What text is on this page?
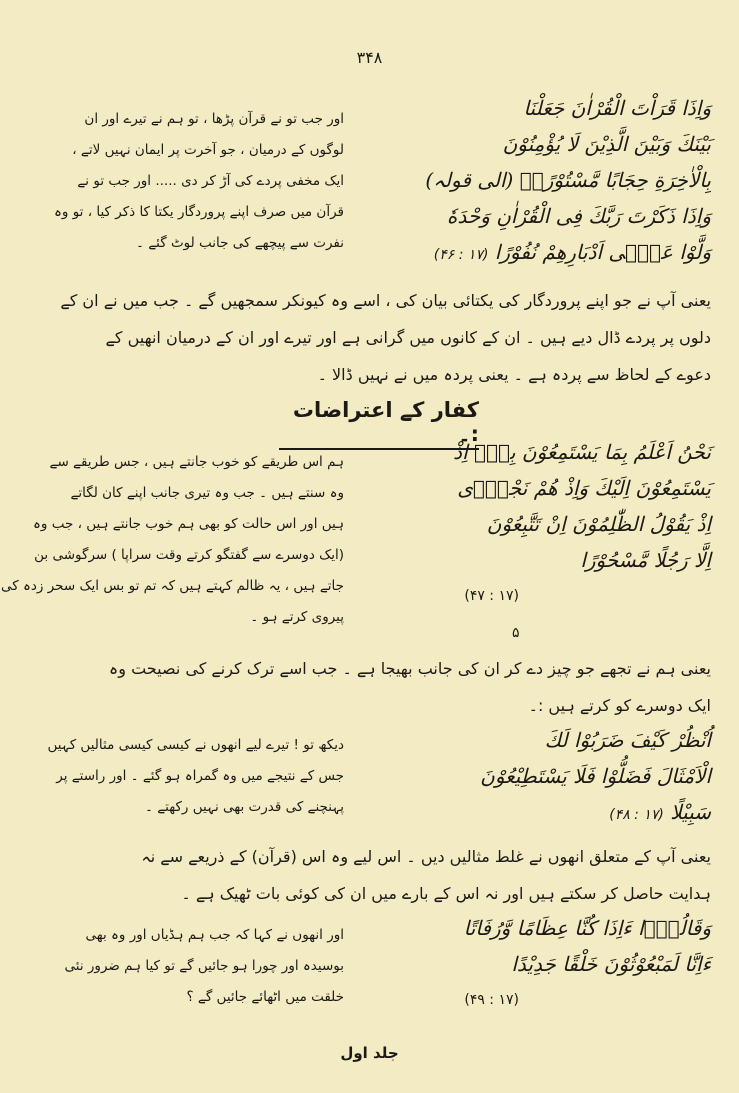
۳۴۸
وَاِذَا قَرَاْتَ الْقُرْاٰنَ جَعَلْنَا
بَيْنَكَ وَبَيْنَ الَّذِيْنَ لَا يُؤْمِنُوْنَ
بِالْاٰخِرَةِ حِجَابًا مَّسْتُوْرًاۙ (الی قولہ)
وَاِذَا ذَكَرْتَ رَبَّكَ فِى الْقُرْاٰنِ وَحْدَهٗ
وَلَّوْا عَلٰۤى اَدْبَارِهِمْ نُفُوْرًا (۱۷ : ۴۶)
اور جب تو نے قرآن پڑھا ، تو ہم نے تیرے اور ان
لوگوں کے درمیان ، جو آخرت پر ایمان نہیں لاتے ،
ایک مخفی پردے کی آڑ کر دی ..... اور جب تو نے
قرآن میں صرف اپنے پروردگار یکتا کا ذکر کیا ، تو وہ
نفرت سے پیچھے کی جانب لوٹ گئے ۔
یعنی آپ نے جو اپنے پروردگار کی یکتائی بیان کی ، اسے وہ کیونکر سمجھیں گے ۔ جب میں نے ان کے
دلوں پر پردے ڈال دیے ہیں ۔ ان کے کانوں میں گرانی ہے اور تیرے اور ان کے درمیان انھیں کے
دعوے کے لحاظ سے پردہ ہے ۔ یعنی پردہ میں نے نہیں ڈالا ۔
کفار کے اعتراضات :۔
نَحْنُ اَعْلَمُ بِمَا يَسْتَمِعُوْنَ بِهٖۤ اِذْ
يَسْتَمِعُوْنَ اِلَيْكَ وَاِذْ هُمْ نَجْوٰۤى
اِذْ يَقُوْلُ الظّٰلِمُوْنَ اِنْ تَتَّبِعُوْنَ
اِلَّا رَجُلًا مَّسْحُوْرًا
(۱۷ : ۴۷)
ہم اس طریقے کو خوب جانتے ہیں ، جس طریقے سے
وہ سنتے ہیں ۔ جب وہ تیری جانب اپنے کان لگاتے
ہیں اور اس حالت کو بھی ہم خوب جانتے ہیں ، جب وہ
(ایک دوسرے سے گفتگو کرتے وقت سراپا ) سرگوشی بن
جاتے ہیں ، یہ ظالم کہتے ہیں کہ تم تو بس ایک سحر زدہ کی
پیروی کرتے ہو ۔
۵
یعنی ہم نے تجھے جو چیز دے کر ان کی جانب بھیجا ہے ۔ جب اسے ترک کرنے کی نصیحت وہ
ایک دوسرے کو کرتے ہیں :۔
اُنْظُرْ كَيْفَ ضَرَبُوْا لَكَ
الْاَمْثَالَ فَضَلُّوْا فَلَا يَسْتَطِيْعُوْنَ
سَبِيْلًا (۱۷ : ۴۸)
دیکھ تو ! تیرے لیے انھوں نے کیسی کیسی مثالیں کہیں
جس کے نتیجے میں وہ گمراہ ہو گئے ۔ اور راستے پر
پہنچنے کی قدرت بھی نہیں رکھتے ۔
یعنی آپ کے متعلق انھوں نے غلط مثالیں دیں ۔ اس لیے وہ اس (قرآن) کے ذریعے سے نہ
ہدایت حاصل کر سکتے ہیں اور نہ اس کے بارے میں ان کی کوئی بات ٹھیک ہے ۔
وَقَالُوْۤا ءَاِذَا كُنَّا عِظَامًا وَّرُفَاتًا
ءَاِنَّا لَمَبْعُوْثُوْنَ خَلْقًا جَدِيْدًا
(۱۷ : ۴۹)
اور انھوں نے کہا کہ جب ہم ہڈیاں اور وہ بھی
بوسیدہ اور چورا ہو جائیں گے تو کیا ہم ضرور نئی
خلقت میں اٹھائے جائیں گے ؟
جلد اول
